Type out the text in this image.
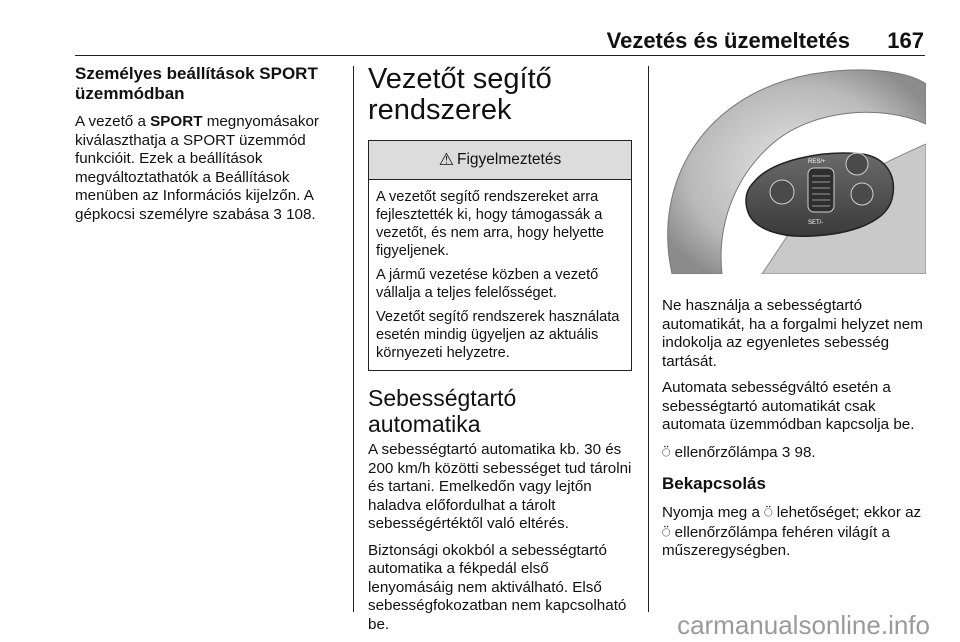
Vezetés és üzemeltetés	167
Személyes beállítások SPORT üzemmódban
A vezető a SPORT megnyomásakor kiválaszthatja a SPORT üzemmód funkcióit. Ezek a beállítások megváltoztathatók a Beállítások menüben az Információs kijelzőn. A gépkocsi személyre szabása 3 108.
Vezetőt segítő rendszerek
⚠ Figyelmeztetés
A vezetőt segítő rendszereket arra fejlesztették ki, hogy támogassák a vezetőt, és nem arra, hogy helyette figyeljenek.
A jármű vezetése közben a vezető vállalja a teljes felelősséget.
Vezetőt segítő rendszerek használata esetén mindig ügyeljen az aktuális környezeti helyzetre.
Sebességtartó automatika
A sebességtartó automatika kb. 30 és 200 km/h közötti sebességet tud tárolni és tartani. Emelkedőn vagy lejtőn haladva előfordulhat a tárolt sebességértéktől való eltérés.
Biztonsági okokból a sebességtartó automatika a fékpedál első lenyomásáig nem aktiválható. Első sebességfokozatban nem kapcsolható be.
RES/+
SET/-
Ne használja a sebességtartó automatikát, ha a forgalmi helyzet nem indokolja az egyenletes sebesség tartását.
Automata sebességváltó esetén a sebességtartó automatikát csak automata üzemmódban kapcsolja be.
⍥ ellenőrzőlámpa 3 98.
Bekapcsolás
Nyomja meg a ⍥ lehetőséget; ekkor az ⍥ ellenőrzőlámpa fehéren világít a műszeregységben.
carmanualsonline.info
